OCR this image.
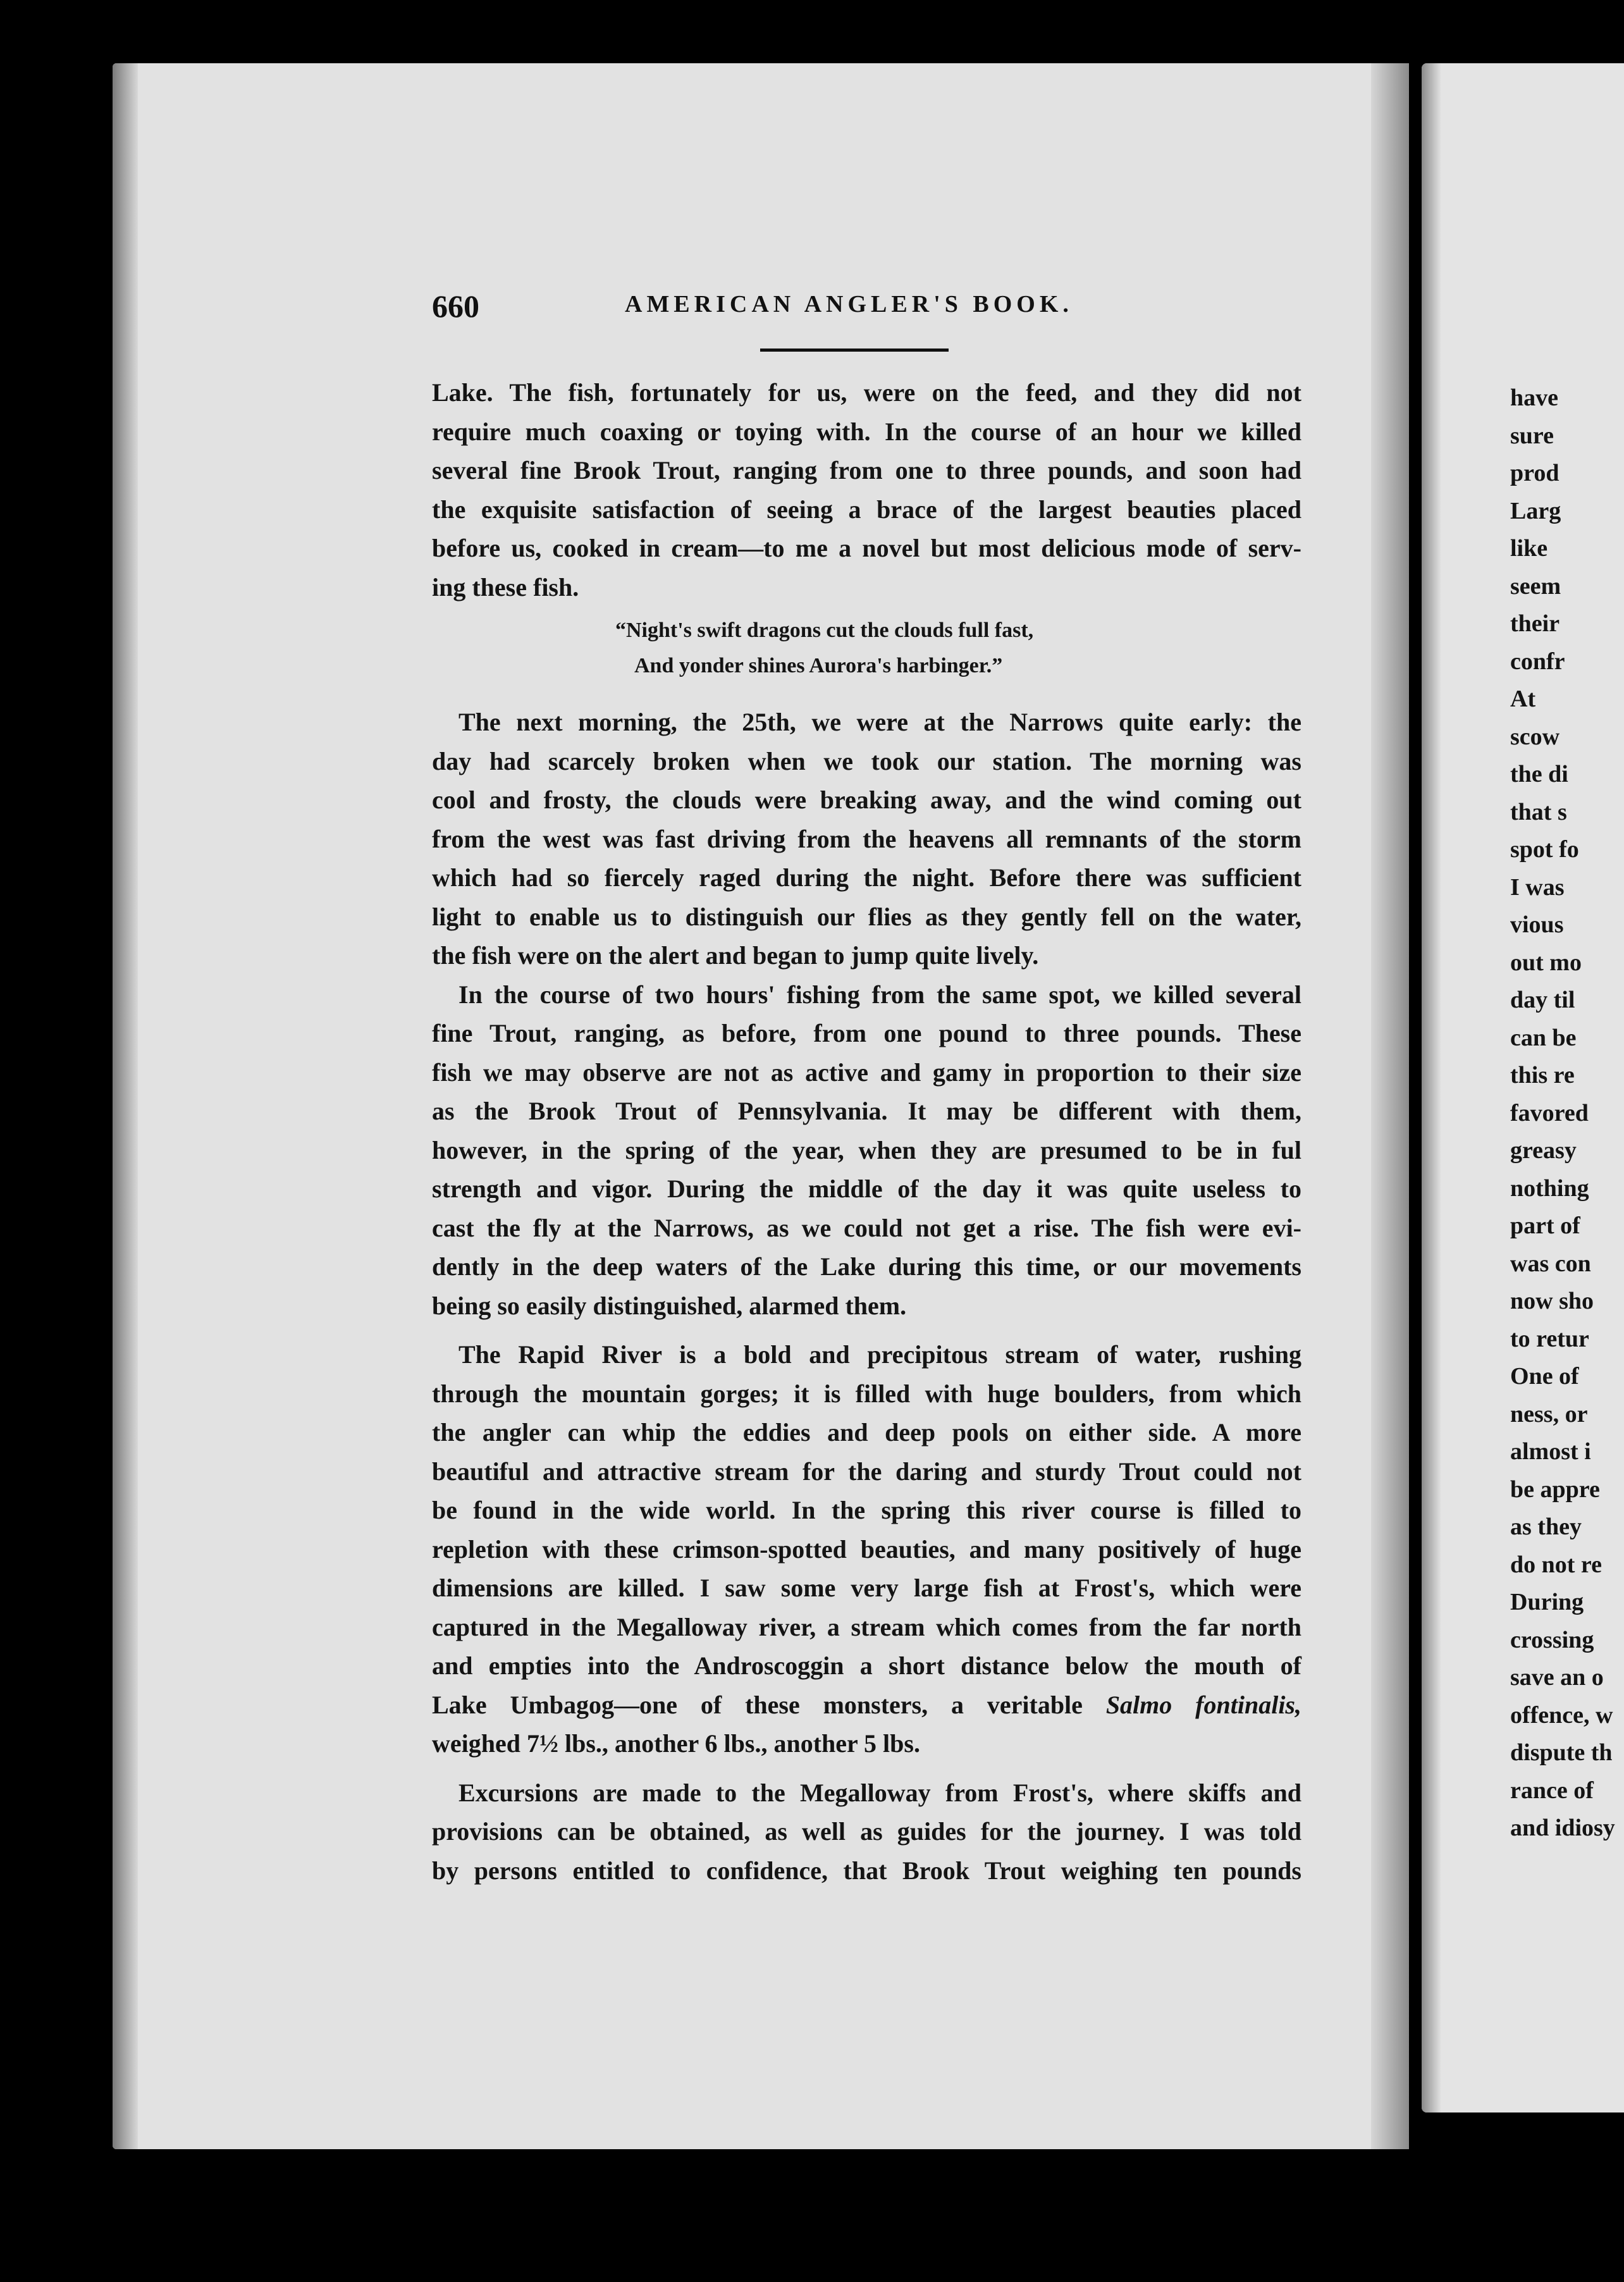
660	AMERICAN ANGLER'S BOOK.

Lake. The fish, fortunately for us, were on the feed, and they did not
require much coaxing or toying with. In the course of an hour we killed
several fine Brook Trout, ranging from one to three pounds, and soon had
the exquisite satisfaction of seeing a brace of the largest beauties placed
before us, cooked in cream—to me a novel but most delicious mode of serv-
ing these fish.

“Night's swift dragons cut the clouds full fast,
And yonder shines Aurora's harbinger.”

The next morning, the 25th, we were at the Narrows quite early: the
day had scarcely broken when we took our station. The morning was
cool and frosty, the clouds were breaking away, and the wind coming out
from the west was fast driving from the heavens all remnants of the storm
which had so fiercely raged during the night. Before there was sufficient
light to enable us to distinguish our flies as they gently fell on the water,
the fish were on the alert and began to jump quite lively.

In the course of two hours' fishing from the same spot, we killed several
fine Trout, ranging, as before, from one pound to three pounds. These
fish we may observe are not as active and gamy in proportion to their size
as the Brook Trout of Pennsylvania. It may be different with them,
however, in the spring of the year, when they are presumed to be in ful
strength and vigor. During the middle of the day it was quite useless to
cast the fly at the Narrows, as we could not get a rise. The fish were evi-
dently in the deep waters of the Lake during this time, or our movements
being so easily distinguished, alarmed them.

The Rapid River is a bold and precipitous stream of water, rushing
through the mountain gorges; it is filled with huge boulders, from which
the angler can whip the eddies and deep pools on either side. A more
beautiful and attractive stream for the daring and sturdy Trout could not
be found in the wide world. In the spring this river course is filled to
repletion with these crimson-spotted beauties, and many positively of huge
dimensions are killed. I saw some very large fish at Frost's, which were
captured in the Megalloway river, a stream which comes from the far north
and empties into the Androscoggin a short distance below the mouth of
Lake Umbagog—one of these monsters, a veritable Salmo fontinalis,
weighed 7½ lbs., another 6 lbs., another 5 lbs.

Excursions are made to the Megalloway from Frost's, where skiffs and
provisions can be obtained, as well as guides for the journey. I was told
by persons entitled to confidence, that Brook Trout weighing ten pounds

have
sure
prod
Larg
like
seem
their
confr
At
scow
the di
that s
spot fo
I was
vious
out mo
day til
can be
this re
favored
greasy
nothing
part of
was con
now sho
to retur
One of
ness, or
almost i
be appre
as they
do not re
During
crossing
save an o
offence, w
dispute th
rance of
and idiosy
